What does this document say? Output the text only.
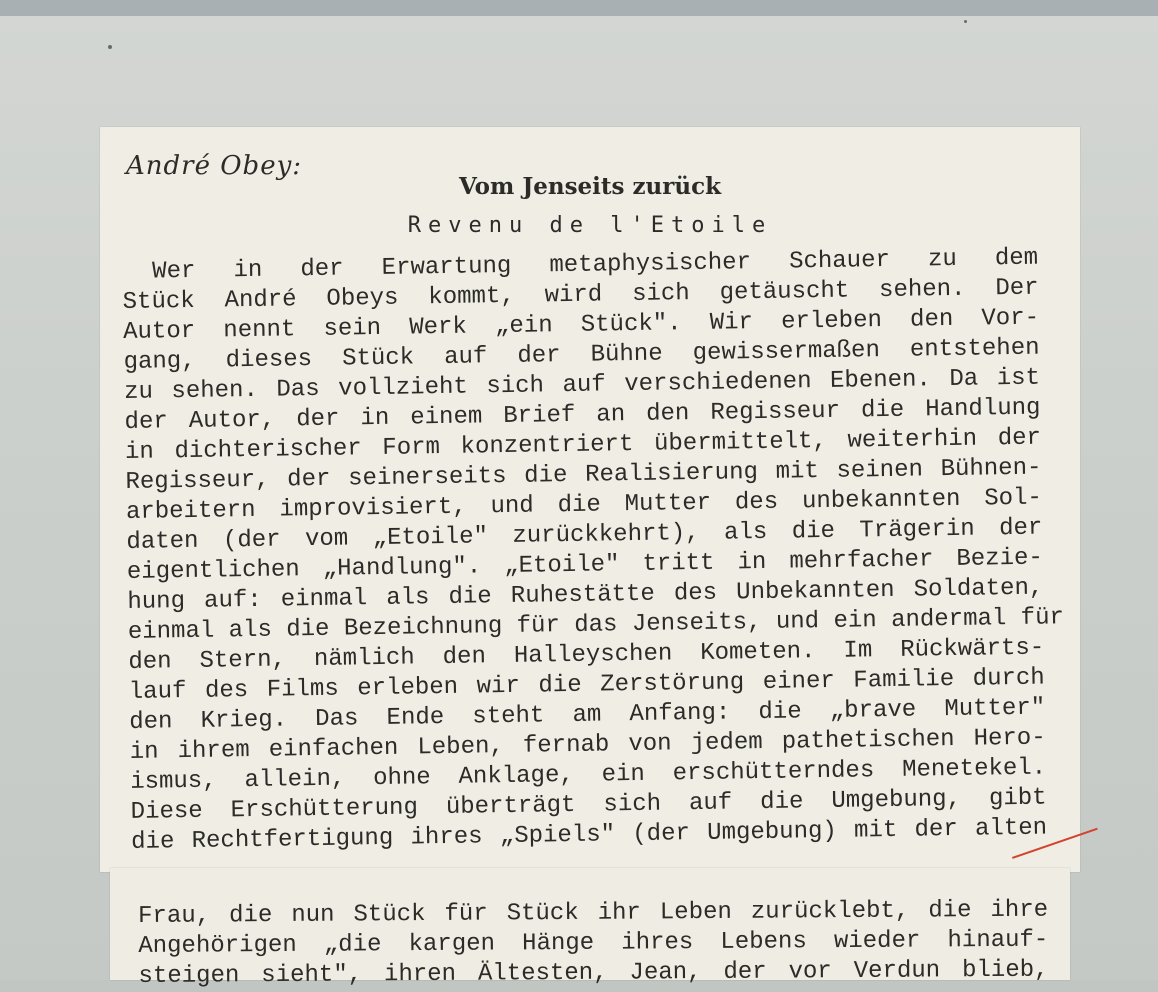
André Obey:
Vom Jenseits zurück
Revenu de l'Etoile
Wer in der Erwartung metaphysischer Schauer zu dem
Stück André Obeys kommt, wird sich getäuscht sehen. Der
Autor nennt sein Werk „ein Stück". Wir erleben den Vor-
gang, dieses Stück auf der Bühne gewissermaßen entstehen
zu sehen. Das vollzieht sich auf verschiedenen Ebenen. Da ist
der Autor, der in einem Brief an den Regisseur die Handlung
in dichterischer Form konzentriert übermittelt, weiterhin der
Regisseur, der seinerseits die Realisierung mit seinen Bühnen-
arbeitern improvisiert, und die Mutter des unbekannten Sol-
daten (der vom „Etoile" zurückkehrt), als die Trägerin der
eigentlichen „Handlung". „Etoile" tritt in mehrfacher Bezie-
hung auf: einmal als die Ruhestätte des Unbekannten Soldaten,
einmal als die Bezeichnung für das Jenseits, und ein andermal für
den Stern, nämlich den Halleyschen Kometen. Im Rückwärts-
lauf des Films erleben wir die Zerstörung einer Familie durch
den Krieg. Das Ende steht am Anfang: die „brave Mutter"
in ihrem einfachen Leben, fernab von jedem pathetischen Hero-
ismus, allein, ohne Anklage, ein erschütterndes Menetekel.
Diese Erschütterung überträgt sich auf die Umgebung, gibt
die Rechtfertigung ihres „Spiels" (der Umgebung) mit der alten
Frau, die nun Stück für Stück ihr Leben zurücklebt, die ihre
Angehörigen „die kargen Hänge ihres Lebens wieder hinauf-
steigen sieht", ihren Ältesten, Jean, der vor Verdun blieb,
